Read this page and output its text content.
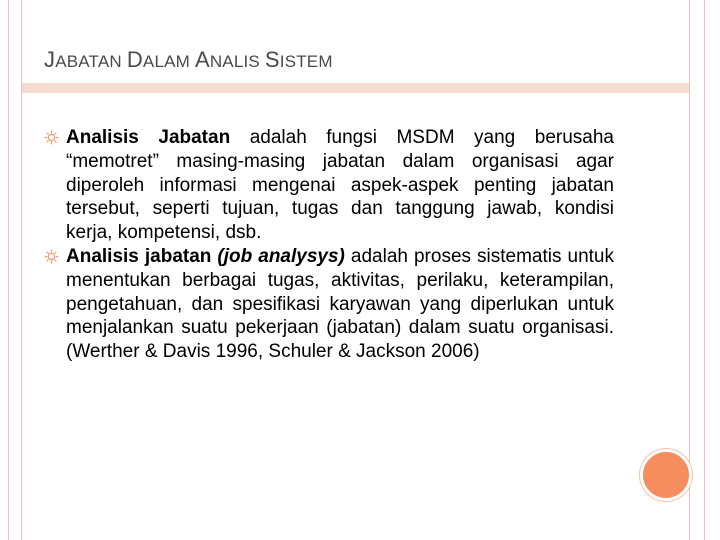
JABATAN DALAM ANALIS SISTEM
Analisis Jabatan adalah fungsi MSDM yang berusaha “memotret” masing-masing jabatan dalam organisasi agar diperoleh informasi mengenai aspek-aspek penting jabatan tersebut, seperti tujuan, tugas dan tanggung jawab, kondisi kerja, kompetensi, dsb.
Analisis jabatan (job analysys) adalah proses sistematis untuk menentukan berbagai tugas, aktivitas, perilaku, keterampilan, pengetahuan, dan spesifikasi karyawan yang diperlukan untuk menjalankan suatu pekerjaan (jabatan) dalam suatu organisasi. (Werther & Davis 1996, Schuler & Jackson 2006)
